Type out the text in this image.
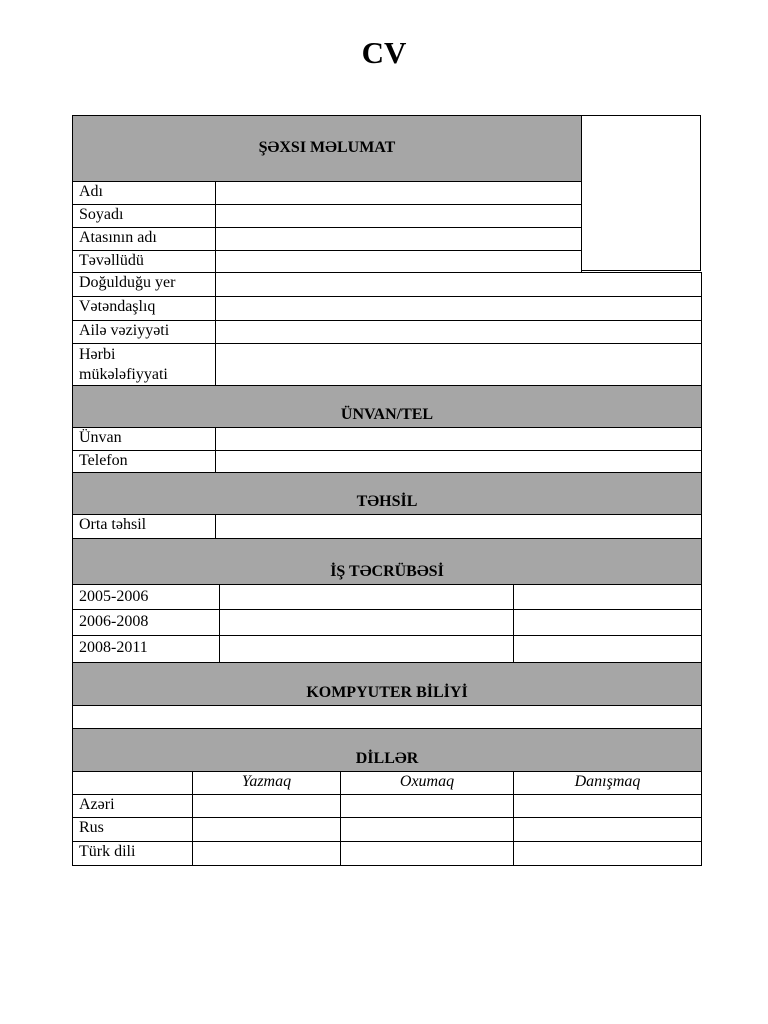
CV
ŞƏXSI MƏLUMAT
Adı
Soyadı
Atasının adı
Təvəllüdü
Doğulduğu yer
Vətəndaşlıq
Ailə vəziyyəti
Hərbi
mükələfiyyati
ÜNVAN/TEL
Ünvan
Telefon
TƏHSİL
Orta təhsil
İŞ TƏCRÜBƏSİ
2005-2006
2006-2008
2008-2011
KOMPYUTER BİLİYİ
DİLLƏR
Yazmaq	Oxumaq	Danışmaq
Azəri
Rus
Türk dili
